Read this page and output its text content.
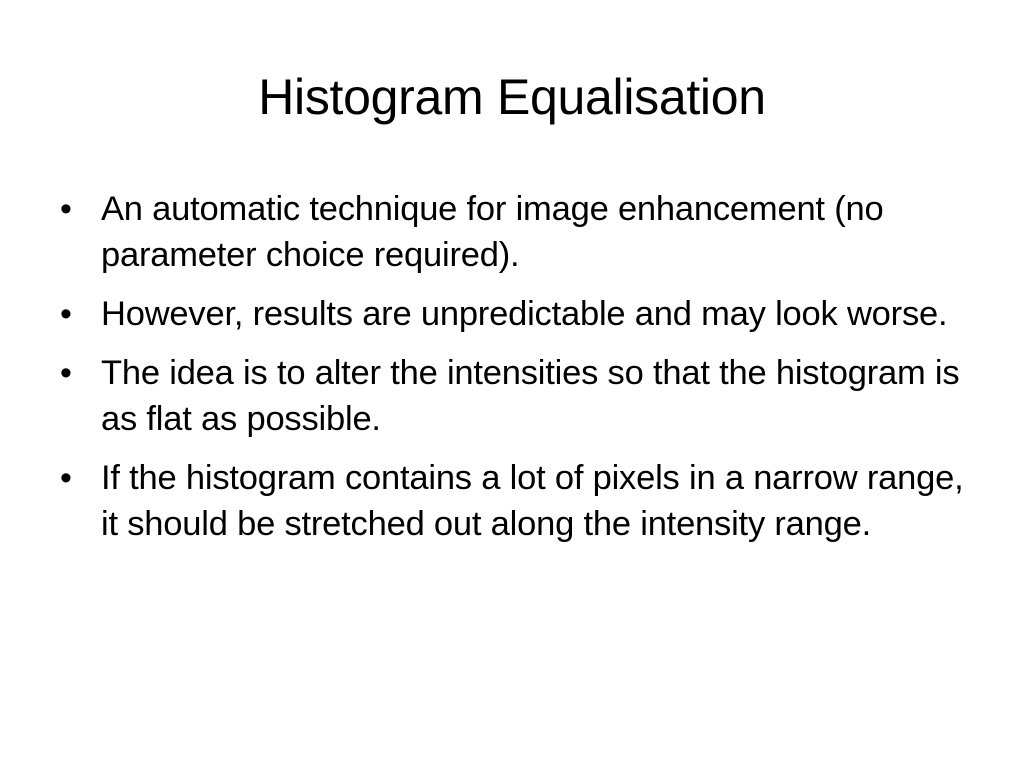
Histogram Equalisation
• An automatic technique for image enhancement (no parameter choice required).
• However, results are unpredictable and may look worse.
• The idea is to alter the intensities so that the histogram is as flat as possible.
• If the histogram contains a lot of pixels in a narrow range, it should be stretched out along the intensity range.
